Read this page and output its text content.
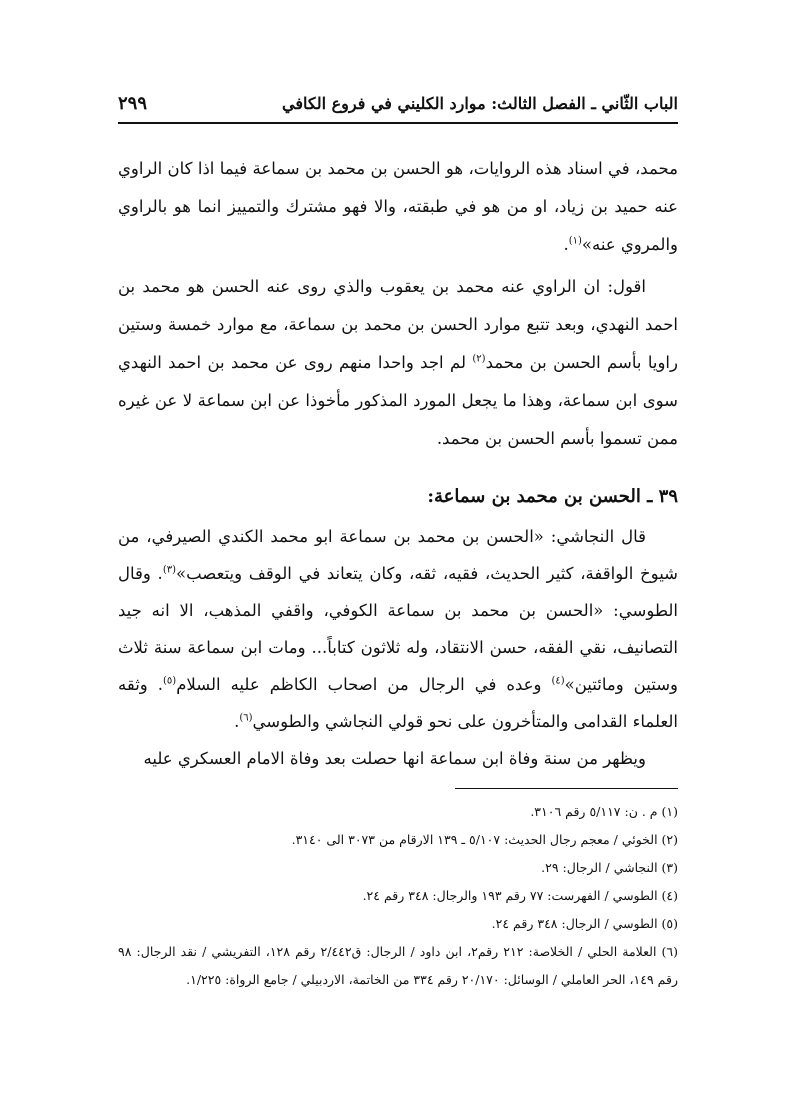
الباب الثّاني ـ الفصل الثالث: موارد الكليني في فروع الكافي
٢٩٩

محمد، في اسناد هذه الروايات، هو الحسن بن محمد بن سماعة فيما اذا كان الراوي عنه حميد بن زياد، او من هو في طبقته، والا فهو مشترك والتمييز انما هو بالراوي والمروي عنه»$^{(١)}$.

اقول: ان الراوي عنه محمد بن يعقوب والذي روى عنه الحسن هو محمد بن احمد النهدي، وبعد تتبع موارد الحسن بن محمد بن سماعة، مع موارد خمسة وستين راويا بأسم الحسن بن محمد$^{(٢)}$ لم اجد واحدا منهم روى عن محمد بن احمد النهدي سوى ابن سماعة، وهذا ما يجعل المورد المذكور مأخوذا عن ابن سماعة لا عن غيره ممن تسموا بأسم الحسن بن محمد.

٣٩ ـ الحسن بن محمد بن سماعة:

قال النجاشي: «الحسن بن محمد بن سماعة ابو محمد الكندي الصيرفي، من شيوخ الواقفة، كثير الحديث، فقيه، ثقه، وكان يتعاند في الوقف ويتعصب»$^{(٣)}$. وقال الطوسي: «الحسن بن محمد بن سماعة الكوفي، واقفي المذهب، الا انه جيد التصانيف، نقي الفقه، حسن الانتقاد، وله ثلاثون كتاباً... ومات ابن سماعة سنة ثلاث وستين ومائتين»$^{(٤)}$ وعده في الرجال من اصحاب الكاظم عليه السلام$^{(٥)}$. وثقه العلماء القدامى والمتأخرون على نحو قولي النجاشي والطوسي$^{(٦)}$.

ويظهر من سنة وفاة ابن سماعة انها حصلت بعد وفاة الامام العسكري عليه

(١) م . ن: ٥/١١٧ رقم ٣١٠٦.

(٢) الخوئي / معجم رجال الحديث: ٥/١٠٧ ـ ١٣٩ الارقام من ٣٠٧٣ الى ٣١٤٠.

(٣) النجاشي / الرجال: ٢٩.

(٤) الطوسي / الفهرست: ٧٧ رقم ١٩٣ والرجال: ٣٤٨ رقم ٢٤.

(٥) الطوسي / الرجال: ٣٤٨ رقم ٢٤.

(٦) العلامة الحلي / الخلاصة: ٢١٢ رقم٢، ابن داود / الرجال: ق٢/٤٤٢ رقم ١٢٨، التفريشي / نقد الرجال: ٩٨ رقم ١٤٩، الحر العاملي / الوسائل: ٢٠/١٧٠ رقم ٣٣٤ من الخاتمة، الاردبيلي / جامع الرواة: ١/٢٢٥.
